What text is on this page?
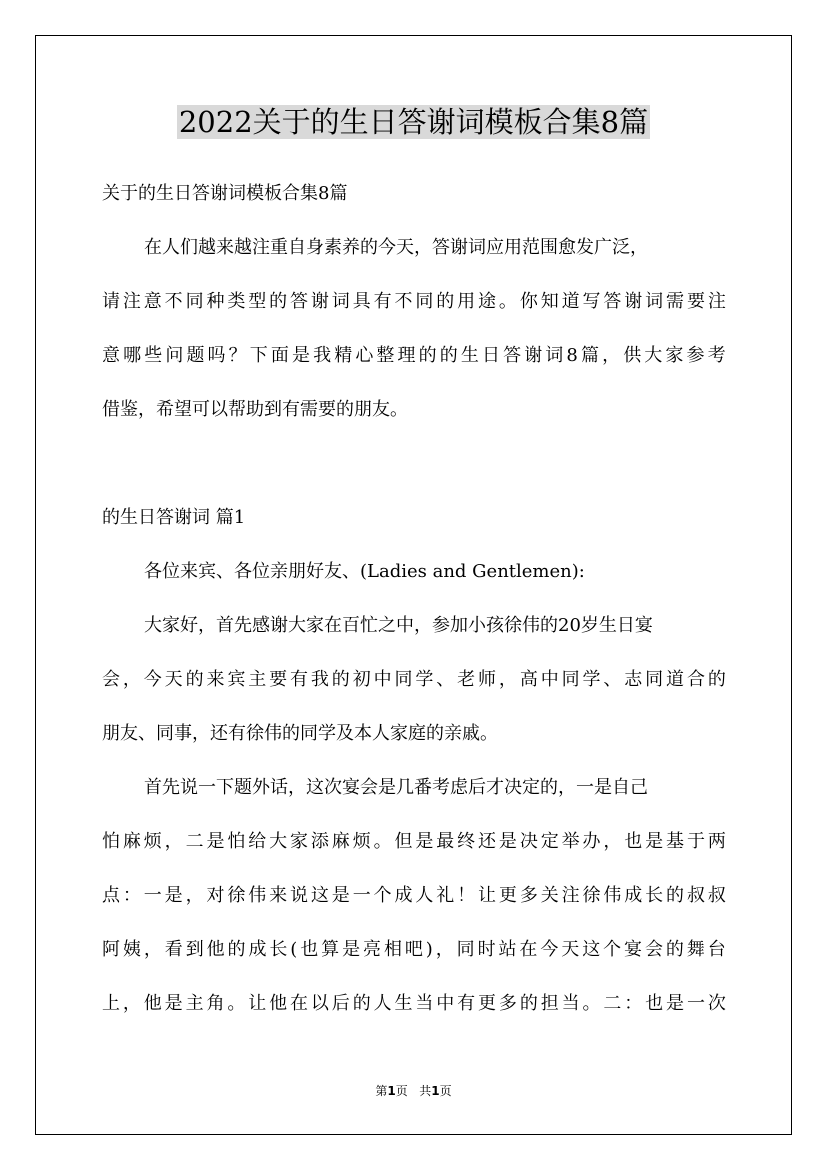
2022关于的生日答谢词模板合集8篇
关于的生日答谢词模板合集8篇
在人们越来越注重自身素养的今天，答谢词应用范围愈发广泛，
请 注 意 不 同 种 类 型 的 答 谢 词 具 有 不 同 的 用 途 。 你 知 道 写 答 谢 词 需 要 注
意 哪 些 问 题 吗 ？ 下 面 是 我 精 心 整 理 的 的 生 日 答 谢 词 8 篇 ， 供 大 家 参 考
借鉴，希望可以帮助到有需要的朋友。
的生日答谢词 篇1
各位来宾、各位亲朋好友、(Ladies and Gentlemen):
大家好，首先感谢大家在百忙之中，参加小孩徐伟的20岁生日宴
会 ， 今 天 的 来 宾 主 要 有 我 的 初 中 同 学 、 老 师 ， 高 中 同 学 、 志 同 道 合 的
朋友、同事，还有徐伟的同学及本人家庭的亲戚。
首先说一下题外话，这次宴会是几番考虑后才决定的，一是自己
怕 麻 烦 ， 二 是 怕 给 大 家 添 麻 烦 。 但 是 最 终 还 是 决 定 举 办 ， 也 是 基 于 两
点 ： 一 是 ， 对 徐 伟 来 说 这 是 一 个 成 人 礼 ！ 让 更 多 关 注 徐 伟 成 长 的 叔 叔
阿 姨 ， 看 到 他 的 成 长 ( 也 算 是 亮 相 吧 ) ， 同 时 站 在 今 天 这 个 宴 会 的 舞 台
上 ， 他 是 主 角 。 让 他 在 以 后 的 人 生 当 中 有 更 多 的 担 当 。 二 ： 也 是 一 次
第1页 共1页
